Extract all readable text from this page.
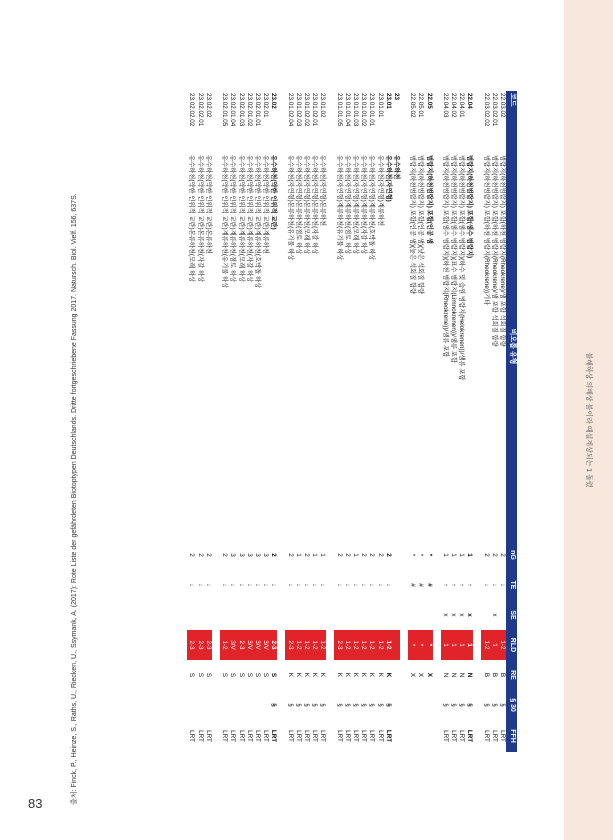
불해하상 의배상 불이라 때설계상되는 1 돌렸
코드	비오톱 유형	nG	TE	SE	RLD	RE	§ 30	FFH
22.03.02	범람지(하천범람지) 포함(하천 범람지(Rheokrene)/샘 포함 석회질 함량	2	↓		1-2	B	§	LRT
22.03.02.01	범람지(하천범람지) 포함(하천 범람지(Rheokrene)/샘 포함 석회질 함량	2	↓	x	1	B	§	LRT
22.03.02.02	범람지(하천범람지) 포함(하천 범람지(Rheokrene))기타	2	↓		1-2	B	§	LRT

22.04	범람지(하천범람지) 포함(샘수 범람지)	1	↑	x	1	N	§	LRT
22.04.01	범람지(하천범람지) 포함(샘수 범람지)(하수 및 습원 범람지(Helokrenen))/샘류 포함	1	↑	x	1	N	§	LRT
22.04.02	범람지(하천범람지) 포함(샘수 범람지)(표수 범람지(Limnokrenen))/샘류 포함	1	↑	x	1	N	§	LRT
22.04.03	범람지(하천범람지) 포함(샘수 범람지)(하천 범람지(Rheokrene))/샘류 포함	1	↑	x	1	N	§	LRT

22.05	범람지(하천범람지) 포함(인공 샘	*	#		*	X		
22.05.01	범람지(하천범람지) 포함(인공 샘)(낮은 석회질 함량	*	#		*	X		
22.05.02	범람지(하천범람지) 포함(인공 샘)(높은 석회질 함량	*	#		*	X		

23	유수하천							
23.01	유수하천(자연형)	2	↓		1-2	K	§	LRT
23.01.01	유수하천(자연형)계류하천	2	↓		1-2	K	§	LRT
23.01.01.01	유수하천(자연형)계류하천(호박돌 하상	2	↓		1-2	K	§	LRT
23.01.01.02	유수하천(자연형)계류하천(자갈 하상	2	↓		1-2	K	§	LRT
23.01.01.03	유수하천(자연형)계류하천(모래 하상	1	↓		1-2	K	§	LRT
23.01.01.04	유수하천(자연형)계류하천(점토 하상	2	↓		1-2	K	§	LRT
23.01.01.05	유수하천(자연형)계류하천(유기물 하상	2	↓		2-3	K	§	LRT

23.01.02	유수하천(자연형)본류하천	1	↓		1-2	K	§	LRT
23.01.02.01	유수하천(자연형)본류하천(자갈 하상	1	↓		1-2	K	§	LRT
23.01.02.02	유수하천(자연형)본류하천(모래 하상	2	↓		1-2	K	§	LRT
23.01.02.03	유수하천(자연형)본류하천(점토 하상	1	↓		1-2	K	§	LRT
23.01.02.04	유수하천(자연형)본류하천(유기물 하상	2	↓		2-3	K	§	LRT

23.02	유수하천(약한 인위적 교란)	2	↓		2-3	S	§	LRT
23.02.01	유수하천(약한 인위적 교란)계류하천	3	↓		3/V	S		LRT
23.02.01.01	유수하천(약한 인위적 교란)계류하천(호박돌 하상	3	↓		3/V	S		LRT
23.02.01.02	유수하천(약한 인위적 교란)계류하천(자갈 하상	3	↓		3/V	S		LRT
23.02.01.03	유수하천(약한 인위적 교란)계류하천(모래 하상	3	↓		2-3	S		LRT
23.02.01.04	유수하천(약한 인위적 교란)계류하천(점토 하상	3	↓		3/V	S		LRT
23.02.01.05	유수하천(약한 인위적 교란)계류하천(유기물 하상	2	↓		1-2	S		LRT

23.02.02	유수하천(약한 인위적 교란)본류하천	2	↓		2-3	S		LRT
23.02.02.01	유수하천(약한 인위적 교란)본류하천(자갈 하상	2	↓		2-3	S		LRT
23.02.02.02	유수하천(약한 인위적 교란)본류하천(모래 하상	2	↓		2-3	S		LRT
출처: Finck, P., Heinze, S., Raths, U., Riecken, U., Ssymank, A. (2017): Rote Liste der gefährdeten Biotoptypen Deutschlands. Dritte fortgeschriebene Fassung 2017. Natursch. Biol. Vielf. 156, 637S.
83
